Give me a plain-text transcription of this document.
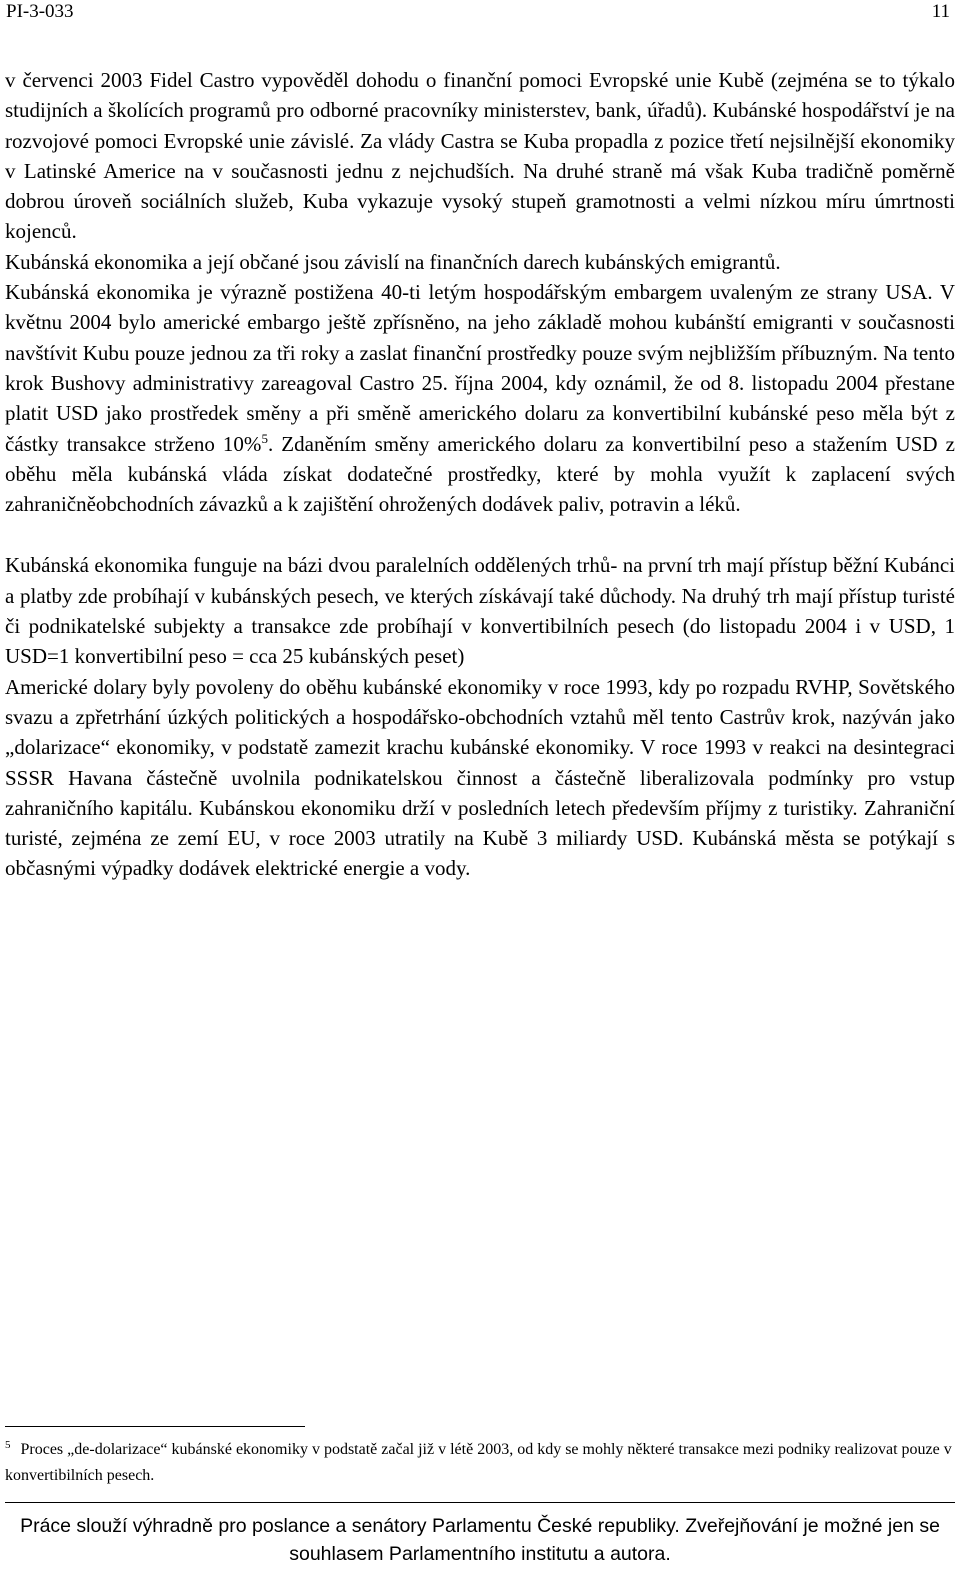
PI-3-033	11

v červenci 2003 Fidel Castro vypověděl dohodu o finanční pomoci Evropské unie Kubě (zejména se to týkalo studijních a školících programů pro odborné pracovníky ministerstev, bank, úřadů). Kubánské hospodářství je na rozvojové pomoci Evropské unie závislé. Za vlády Castra se Kuba propadla z pozice třetí nejsilnější ekonomiky v Latinské Americe na v současnosti jednu z nejchudších. Na druhé straně má však Kuba tradičně poměrně dobrou úroveň sociálních služeb, Kuba vykazuje vysoký stupeň gramotnosti a velmi nízkou míru úmrtnosti kojenců.

Kubánská ekonomika a její občané jsou závislí na finančních darech kubánských emigrantů.

Kubánská ekonomika je výrazně postižena 40-ti letým hospodářským embargem uvaleným ze strany USA. V květnu 2004 bylo americké embargo ještě zpřísněno, na jeho základě mohou kubánští emigranti v současnosti navštívit Kubu pouze jednou za tři roky a zaslat finanční prostředky pouze svým nejbližším příbuzným. Na tento krok Bushovy administrativy zareagoval Castro 25. října 2004, kdy oznámil, že od 8. listopadu 2004 přestane platit USD jako prostředek směny a při směně amerického dolaru za konvertibilní kubánské peso měla být z částky transakce strženo 10%$^5$. Zdaněním směny amerického dolaru za konvertibilní peso a stažením USD z oběhu měla kubánská vláda získat dodatečné prostředky, které by mohla využít k zaplacení svých zahraničněobchodních závazků a k zajištění ohrožených dodávek paliv, potravin a léků.

Kubánská ekonomika funguje na bázi dvou paralelních oddělených trhů- na první trh mají přístup běžní Kubánci a platby zde probíhají v kubánských pesech, ve kterých získávají také důchody. Na druhý trh mají přístup turisté či podnikatelské subjekty a transakce zde probíhají v konvertibilních pesech (do listopadu 2004 i v USD, 1 USD=1 konvertibilní peso = cca 25 kubánských peset)

Americké dolary byly povoleny do oběhu kubánské ekonomiky v roce 1993, kdy po rozpadu RVHP, Sovětského svazu a zpřetrhání úzkých politických a hospodářsko-obchodních vztahů měl tento Castrův krok, nazýván jako „dolarizace“ ekonomiky, v podstatě zamezit krachu kubánské ekonomiky. V roce 1993 v reakci na desintegraci SSSR Havana částečně uvolnila podnikatelskou činnost a částečně liberalizovala podmínky pro vstup zahraničního kapitálu. Kubánskou ekonomiku drží v posledních letech především příjmy z turistiky. Zahraniční turisté, zejména ze zemí EU, v roce 2003 utratily na Kubě 3 miliardy USD. Kubánská města se potýkají s občasnými výpadky dodávek elektrické energie a vody.

$^5$ Proces „de-dolarizace“ kubánské ekonomiky v podstatě začal již v létě 2003, od kdy se mohly některé transakce mezi podniky realizovat pouze v konvertibilních pesech.
Práce slouží výhradně pro poslance a senátory Parlamentu České republiky. Zveřejňování je možné jen se souhlasem Parlamentního institutu a autora.
